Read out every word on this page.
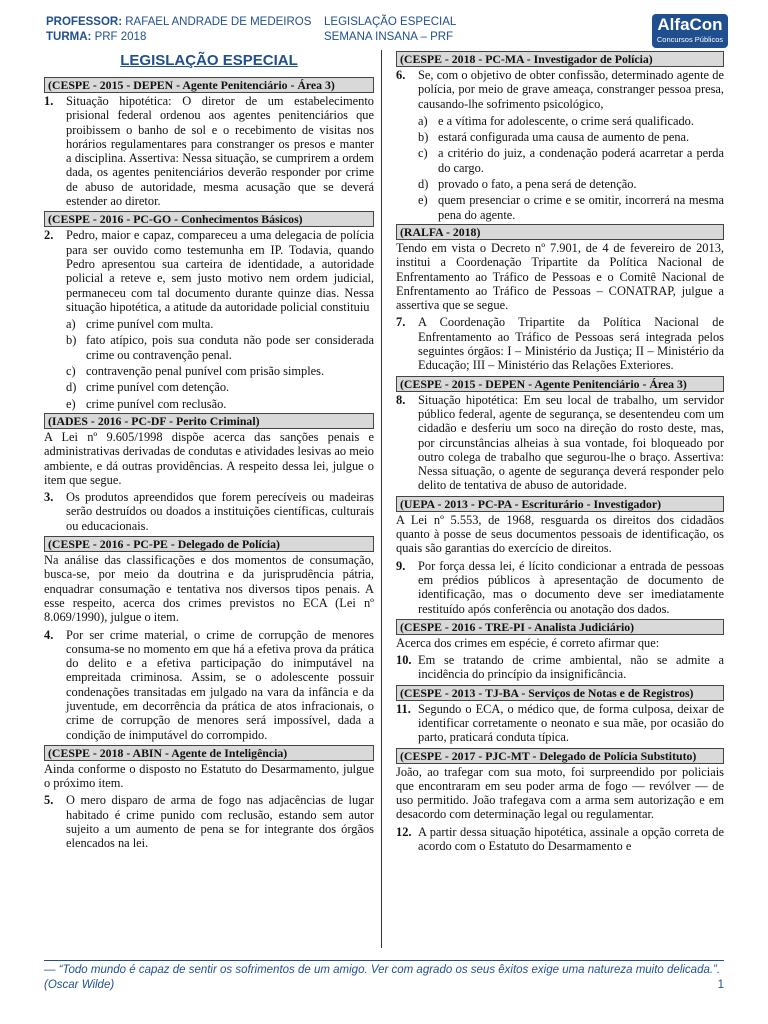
PROFESSOR: RAFAEL ANDRADE DE MEDEIROS
TURMA: PRF 2018
LEGISLAÇÃO ESPECIAL
SEMANA INSANA – PRF
AlfaCon
Concursos Públicos
LEGISLAÇÃO ESPECIAL
(CESPE - 2015 - DEPEN - Agente Penitenciário - Área 3)
1.	Situação hipotética: O diretor de um estabelecimento prisional federal ordenou aos agentes penitenciários que proibissem o banho de sol e o recebimento de visitas nos horários regulamentares para constranger os presos e manter a disciplina. Assertiva: Nessa situação, se cumprirem a ordem dada, os agentes penitenciários deverão responder por crime de abuso de autoridade, mesma acusação que se deverá estender ao diretor.
(CESPE - 2016 - PC-GO - Conhecimentos Básicos)
2.	Pedro, maior e capaz, compareceu a uma delegacia de polícia para ser ouvido como testemunha em IP. Todavia, quando Pedro apresentou sua carteira de identidade, a autoridade policial a reteve e, sem justo motivo nem ordem judicial, permaneceu com tal documento durante quinze dias. Nessa situação hipotética, a atitude da autoridade policial constituiu
a) crime punível com multa.
b) fato atípico, pois sua conduta não pode ser considerada crime ou contravenção penal.
c) contravenção penal punível com prisão simples.
d) crime punível com detenção.
e) crime punível com reclusão.
(IADES - 2016 - PC-DF - Perito Criminal)
A Lei nº 9.605/1998 dispõe acerca das sanções penais e administrativas derivadas de condutas e atividades lesivas ao meio ambiente, e dá outras providências. A respeito dessa lei, julgue o item que segue.
3.	Os produtos apreendidos que forem perecíveis ou madeiras serão destruídos ou doados a instituições científicas, culturais ou educacionais.
(CESPE - 2016 - PC-PE - Delegado de Polícia)
Na análise das classificações e dos momentos de consumação, busca-se, por meio da doutrina e da jurisprudência pátria, enquadrar consumação e tentativa nos diversos tipos penais. A esse respeito, acerca dos crimes previstos no ECA (Lei nº 8.069/1990), julgue o item.
4.	Por ser crime material, o crime de corrupção de menores consuma-se no momento em que há a efetiva prova da prática do delito e a efetiva participação do inimputável na empreitada criminosa. Assim, se o adolescente possuir condenações transitadas em julgado na vara da infância e da juventude, em decorrência da prática de atos infracionais, o crime de corrupção de menores será impossível, dada a condição de inimputável do corrompido.
(CESPE - 2018 - ABIN - Agente de Inteligência)
Ainda conforme o disposto no Estatuto do Desarmamento, julgue o próximo item.
5.	O mero disparo de arma de fogo nas adjacências de lugar habitado é crime punido com reclusão, estando sem autor sujeito a um aumento de pena se for integrante dos órgãos elencados na lei.
(CESPE - 2018 - PC-MA - Investigador de Polícia)
6.	Se, com o objetivo de obter confissão, determinado agente de polícia, por meio de grave ameaça, constranger pessoa presa, causando-lhe sofrimento psicológico,
a) e a vítima for adolescente, o crime será qualificado.
b) estará configurada uma causa de aumento de pena.
c) a critério do juiz, a condenação poderá acarretar a perda do cargo.
d) provado o fato, a pena será de detenção.
e) quem presenciar o crime e se omitir, incorrerá na mesma pena do agente.
(RALFA - 2018)
Tendo em vista o Decreto nº 7.901, de 4 de fevereiro de 2013, institui a Coordenação Tripartite da Política Nacional de Enfrentamento ao Tráfico de Pessoas e o Comitê Nacional de Enfrentamento ao Tráfico de Pessoas – CONATRAP, julgue a assertiva que se segue.
7.	A Coordenação Tripartite da Política Nacional de Enfrentamento ao Tráfico de Pessoas será integrada pelos seguintes órgãos: I – Ministério da Justiça; II – Ministério da Educação; III – Ministério das Relações Exteriores.
(CESPE - 2015 - DEPEN - Agente Penitenciário - Área 3)
8.	Situação hipotética: Em seu local de trabalho, um servidor público federal, agente de segurança, se desentendeu com um cidadão e desferiu um soco na direção do rosto deste, mas, por circunstâncias alheias à sua vontade, foi bloqueado por outro colega de trabalho que segurou-lhe o braço. Assertiva: Nessa situação, o agente de segurança deverá responder pelo delito de tentativa de abuso de autoridade.
(UEPA - 2013 - PC-PA - Escriturário - Investigador)
A Lei nº 5.553, de 1968, resguarda os direitos dos cidadãos quanto à posse de seus documentos pessoais de identificação, os quais são garantias do exercício de direitos.
9.	Por força dessa lei, é lícito condicionar a entrada de pessoas em prédios públicos à apresentação de documento de identificação, mas o documento deve ser imediatamente restituído após conferência ou anotação dos dados.
(CESPE - 2016 - TRE-PI - Analista Judiciário)
Acerca dos crimes em espécie, é correto afirmar que:
10. Em se tratando de crime ambiental, não se admite a incidência do princípio da insignificância.
(CESPE - 2013 - TJ-BA - Serviços de Notas e de Registros)
11. Segundo o ECA, o médico que, de forma culposa, deixar de identificar corretamente o neonato e sua mãe, por ocasião do parto, praticará conduta típica.
(CESPE - 2017 - PJC-MT - Delegado de Polícia Substituto)
João, ao trafegar com sua moto, foi surpreendido por policiais que encontraram em seu poder arma de fogo — revólver — de uso permitido. João trafegava com a arma sem autorização e em desacordo com determinação legal ou regulamentar.
12. A partir dessa situação hipotética, assinale a opção correta de acordo com o Estatuto do Desarmamento e
— “Todo mundo é capaz de sentir os sofrimentos de um amigo. Ver com agrado os seus êxitos exige uma natureza muito delicada.”. (Oscar Wilde)	1
